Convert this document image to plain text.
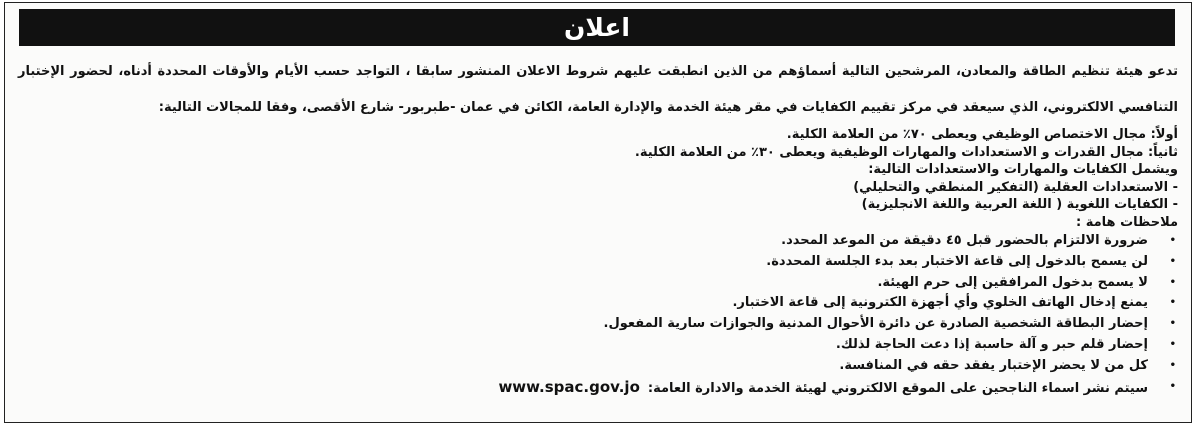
اعلان

تدعو هيئة تنظيم الطاقة والمعادن، المرشحين التالية أسماؤهم من الذين انطبقت عليهم شروط الاعلان المنشور سابقا ، التواجد حسب الأيام والأوقات المحددة أدناه، لحضور الإختبار التنافسي الالكتروني، الذي سيعقد في مركز تقييم الكفايات في مقر هيئة الخدمة والإدارة العامة، الكائن في عمان -طبربور- شارع الأقصى، وفقا للمجالات التالية:

أولاً: مجال الاختصاص الوظيفي ويعطى ٧٠٪ من العلامة الكلية.

ثانياً: مجال القدرات و الاستعدادات والمهارات الوظيفية ويعطى ٣٠٪ من العلامة الكلية.

ويشمل الكفايات والمهارات والاستعدادات التالية:

- الاستعدادات العقلية (التفكير المنطقي والتحليلي)

- الكفايات اللغوية ( اللغة العربية واللغة الانجليزية)

ملاحظات هامة :

•
ضرورة الالتزام بالحضور قبل ٤٥ دقيقة من الموعد المحدد.
•
لن يسمح بالدخول إلى قاعة الاختبار بعد بدء الجلسة المحددة.
•
لا يسمح بدخول المرافقين إلى حرم الهيئة.
•
يمنع إدخال الهاتف الخلوي وأي أجهزة الكترونية إلى قاعة الاختبار.
•
إحضار البطاقة الشخصية الصادرة عن دائرة الأحوال المدنية والجوازات سارية المفعول.
•
إحضار قلم حبر و آلة حاسبة إذا دعت الحاجة لذلك.
•
كل من لا يحضر الإختبار يفقد حقه في المنافسة.
•
سيتم نشر اسماء الناجحين على الموقع الالكتروني لهيئة الخدمة والادارة العامة:www.spac.gov.jo
